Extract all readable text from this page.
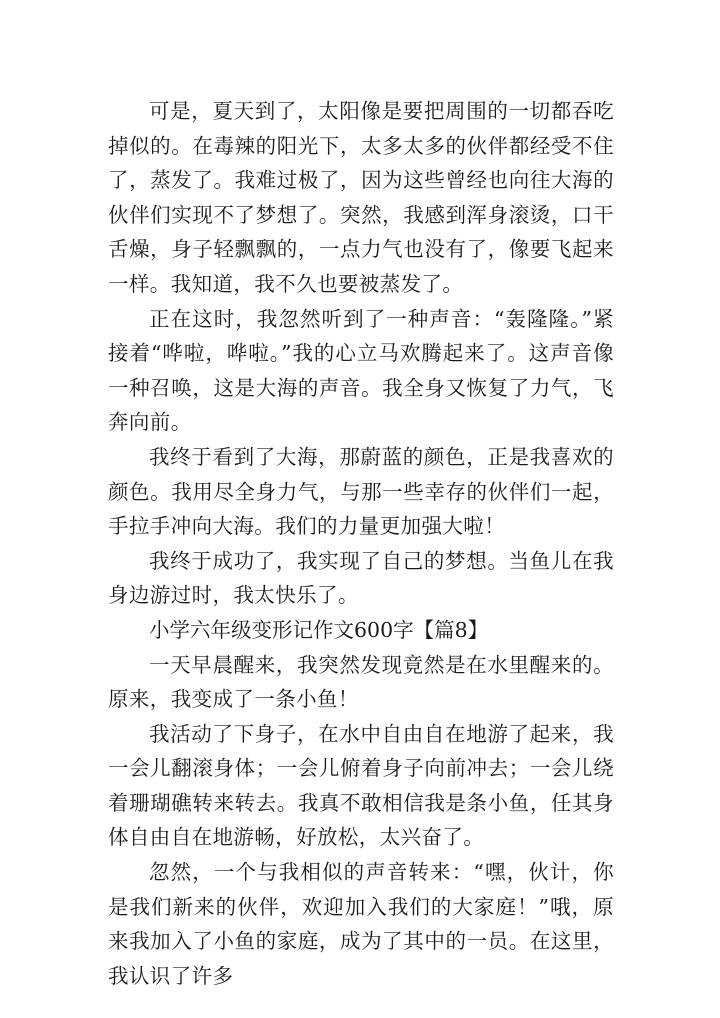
可是，夏天到了，太阳像是要把周围的一切都吞吃掉似的。在毒辣的阳光下，太多太多的伙伴都经受不住了，蒸发了。我难过极了，因为这些曾经也向往大海的伙伴们实现不了梦想了。突然，我感到浑身滚烫，口干舌燥，身子轻飘飘的，一点力气也没有了，像要飞起来一样。我知道，我不久也要被蒸发了。

正在这时，我忽然听到了一种声音：“轰隆隆。”紧接着“哗啦，哗啦。”我的心立马欢腾起来了。这声音像一种召唤，这是大海的声音。我全身又恢复了力气，飞奔向前。

我终于看到了大海，那蔚蓝的颜色，正是我喜欢的颜色。我用尽全身力气，与那一些幸存的伙伴们一起，手拉手冲向大海。我们的力量更加强大啦！

我终于成功了，我实现了自己的梦想。当鱼儿在我身边游过时，我太快乐了。

小学六年级变形记作文600字【篇8】

一天早晨醒来，我突然发现竟然是在水里醒来的。原来，我变成了一条小鱼！

我活动了下身子，在水中自由自在地游了起来，我一会儿翻滚身体；一会儿俯着身子向前冲去；一会儿绕着珊瑚礁转来转去。我真不敢相信我是条小鱼，任其身体自由自在地游畅，好放松，太兴奋了。

忽然，一个与我相似的声音转来：“嘿，伙计，你是我们新来的伙伴，欢迎加入我们的大家庭！”哦，原来我加入了小鱼的家庭，成为了其中的一员。在这里，我认识了许多
